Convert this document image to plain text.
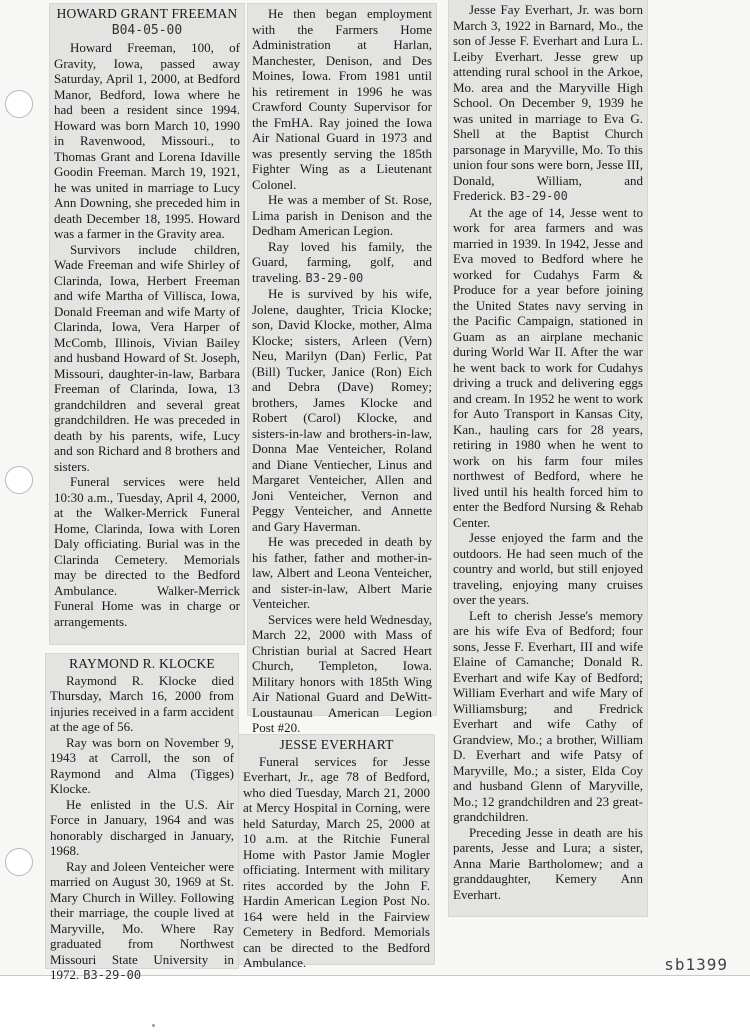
HOWARD GRANT FREEMAN
B04-05-00

Howard Freeman, 100, of Gravity, Iowa, passed away Saturday, April 1, 2000, at Bedford Manor, Bedford, Iowa where he had been a resident since 1994. Howard was born March 10, 1990 in Ravenwood, Missouri., to Thomas Grant and Lorena Idaville Goodin Freeman. March 19, 1921, he was united in marriage to Lucy Ann Downing, she preceded him in death December 18, 1995. Howard was a farmer in the Gravity area.

Survivors include children, Wade Freeman and wife Shirley of Clarinda, Iowa, Herbert Freeman and wife Martha of Villisca, Iowa, Donald Freeman and wife Marty of Clarinda, Iowa, Vera Harper of McComb, Illinois, Vivian Bailey and husband Howard of St. Joseph, Missouri, daughter-in-law, Barbara Freeman of Clarinda, Iowa, 13 grandchildren and several great grandchildren. He was preceded in death by his parents, wife, Lucy and son Richard and 8 brothers and sisters.

Funeral services were held 10:30 a.m., Tuesday, April 4, 2000, at the Walker-Merrick Funeral Home, Clarinda, Iowa with Loren Daly officiating. Burial was in the Clarinda Cemetery. Memorials may be directed to the Bedford Ambulance. Walker-Merrick Funeral Home was in charge or arrangements.

RAYMOND R. KLOCKE

Raymond R. Klocke died Thursday, March 16, 2000 from injuries received in a farm accident at the age of 56.

Ray was born on November 9, 1943 at Carroll, the son of Raymond and Alma (Tigges) Klocke.

He enlisted in the U.S. Air Force in January, 1964 and was honorably discharged in January, 1968.

Ray and Joleen Venteicher were married on August 30, 1969 at St. Mary Church in Willey. Following their marriage, the couple lived at Maryville, Mo. Where Ray graduated from Northwest Missouri State University in 1972. B3-29-00

He then began employment with the Farmers Home Administration at Harlan, Manchester, Denison, and Des Moines, Iowa. From 1981 until his retirement in 1996 he was Crawford County Supervisor for the FmHA. Ray joined the Iowa Air National Guard in 1973 and was presently serving the 185th Fighter Wing as a Lieutenant Colonel.

He was a member of St. Rose, Lima parish in Denison and the Dedham American Legion.

Ray loved his family, the Guard, farming, golf, and traveling. B3-29-00

He is survived by his wife, Jolene, daughter, Tricia Klocke; son, David Klocke, mother, Alma Klocke; sisters, Arleen (Vern) Neu, Marilyn (Dan) Ferlic, Pat (Bill) Tucker, Janice (Ron) Eich and Debra (Dave) Romey; brothers, James Klocke and Robert (Carol) Klocke, and sisters-in-law and brothers-in-law, Donna Mae Venteicher, Roland and Diane Ventiecher, Linus and Margaret Venteicher, Allen and Joni Venteicher, Vernon and Peggy Venteicher, and Annette and Gary Haverman.

He was preceded in death by his father, father and mother-in-law, Albert and Leona Venteicher, and sister-in-law, Albert Marie Venteicher.

Services were held Wednesday, March 22, 2000 with Mass of Christian burial at Sacred Heart Church, Templeton, Iowa. Military honors with 185th Wing Air National Guard and DeWitt-Loustaunau American Legion Post #20.

JESSE EVERHART

Funeral services for Jesse Everhart, Jr., age 78 of Bedford, who died Tuesday, March 21, 2000 at Mercy Hospital in Corning, were held Saturday, March 25, 2000 at 10 a.m. at the Ritchie Funeral Home with Pastor Jamie Mogler officiating. Interment with military rites accorded by the John F. Hardin American Legion Post No. 164 were held in the Fairview Cemetery in Bedford. Memorials can be directed to the Bedford Ambulance.

Jesse Fay Everhart, Jr. was born March 3, 1922 in Barnard, Mo., the son of Jesse F. Everhart and Lura L. Leiby Everhart. Jesse grew up attending rural school in the Arkoe, Mo. area and the Maryville High School. On December 9, 1939 he was united in marriage to Eva G. Shell at the Baptist Church parsonage in Maryville, Mo. To this union four sons were born, Jesse III, Donald, William, and Frederick. B3-29-00

At the age of 14, Jesse went to work for area farmers and was married in 1939. In 1942, Jesse and Eva moved to Bedford where he worked for Cudahys Farm & Produce for a year before joining the United States navy serving in the Pacific Campaign, stationed in Guam as an airplane mechanic during World War II. After the war he went back to work for Cudahys driving a truck and delivering eggs and cream. In 1952 he went to work for Auto Transport in Kansas City, Kan., hauling cars for 28 years, retiring in 1980 when he went to work on his farm four miles northwest of Bedford, where he lived until his health forced him to enter the Bedford Nursing & Rehab Center.

Jesse enjoyed the farm and the outdoors. He had seen much of the country and world, but still enjoyed traveling, enjoying many cruises over the years.

Left to cherish Jesse's memory are his wife Eva of Bedford; four sons, Jesse F. Everhart, III and wife Elaine of Camanche; Donald R. Everhart and wife Kay of Bedford; William Everhart and wife Mary of Williamsburg; and Fredrick Everhart and wife Cathy of Grandview, Mo.; a brother, William D. Everhart and wife Patsy of Maryville, Mo.; a sister, Elda Coy and husband Glenn of Maryville, Mo.; 12 grandchildren and 23 great-grandchildren.

Preceding Jesse in death are his parents, Jesse and Lura; a sister, Anna Marie Bartholomew; and a granddaughter, Kemery Ann Everhart.

sb1399
